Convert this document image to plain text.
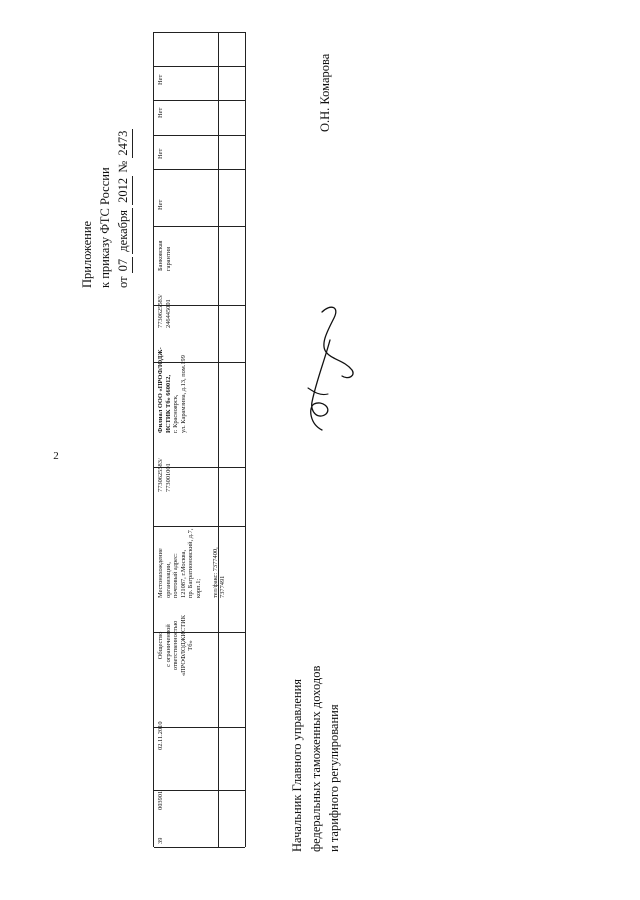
2
Приложение к приказу ФТС России от 07 декабря 2012 № 2473
39
003901
02.11.2010
Общество с ограниченной ответственностью «ПРОФЛОДЖИСТИК Тб»
Местонахождение организации, почтовый адрес: 121087, г.Москва, пр. Багратионовский, д.7, корп.1; тел/факс: 7377400, 7377491
7730625583/ 773001001
Филиал ООО «ПРОФЛОДЖ- ИСТИК Тб» 660012, г. Красноярск, ул. Карамзина, д.13, пом.199
7730625583/ 246445001
Банковская гарантия
Нет
Нет
Нет
Нет
Начальник Главного управления федеральных таможенных доходов и тарифного регулирования
О.Н. Комарова
